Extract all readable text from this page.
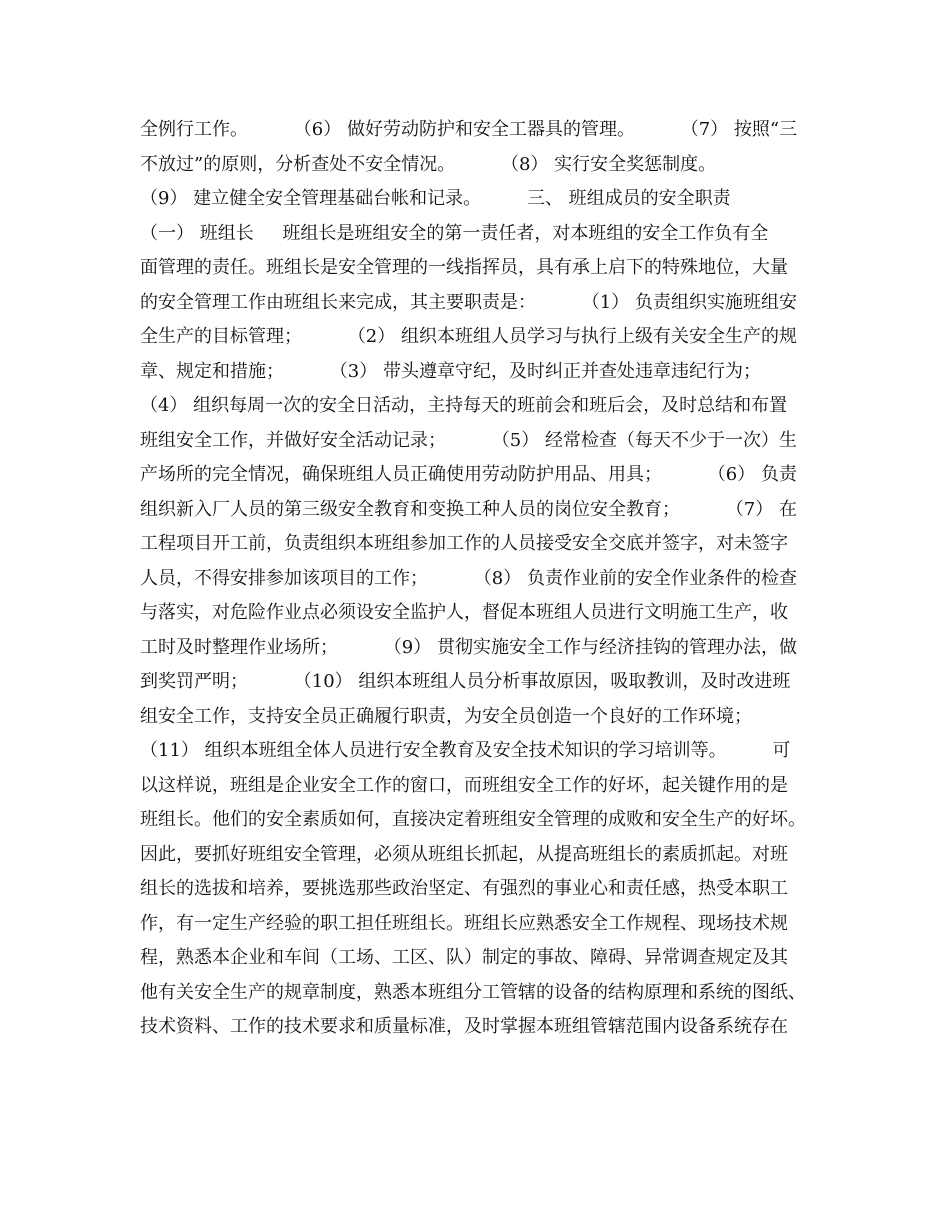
全例行工作。        （6） 做好劳动防护和安全工器具的管理。        （7） 按照“三
不放过”的原则，分析查处不安全情况。        （8） 实行安全奖惩制度。
（9） 建立健全安全管理基础台帐和记录。        三、 班组成员的安全职责
（一） 班组长     班组长是班组安全的第一责任者，对本班组的安全工作负有全
面管理的责任。班组长是安全管理的一线指挥员，具有承上启下的特殊地位，大量
的安全管理工作由班组长来完成，其主要职责是：        （1） 负责组织实施班组安
全生产的目标管理；        （2） 组织本班组人员学习与执行上级有关安全生产的规
章、规定和措施；        （3） 带头遵章守纪，及时纠正并查处违章违纪行为；
（4） 组织每周一次的安全日活动，主持每天的班前会和班后会，及时总结和布置
班组安全工作，并做好安全活动记录；        （5） 经常检查（每天不少于一次）生
产场所的完全情况，确保班组人员正确使用劳动防护用品、用具；        （6） 负责
组织新入厂人员的第三级安全教育和变换工种人员的岗位安全教育；        （7） 在
工程项目开工前，负责组织本班组参加工作的人员接受安全交底并签字，对未签字
人员，不得安排参加该项目的工作；        （8） 负责作业前的安全作业条件的检查
与落实，对危险作业点必须设安全监护人，督促本班组人员进行文明施工生产，收
工时及时整理作业场所；        （9） 贯彻实施安全工作与经济挂钩的管理办法，做
到奖罚严明；        （10） 组织本班组人员分析事故原因，吸取教训，及时改进班
组安全工作，支持安全员正确履行职责，为安全员创造一个良好的工作环境；
（11） 组织本班组全体人员进行安全教育及安全技术知识的学习培训等。        可
以这样说，班组是企业安全工作的窗口，而班组安全工作的好坏，起关键作用的是
班组长。他们的安全素质如何，直接决定着班组安全管理的成败和安全生产的好坏。
因此，要抓好班组安全管理，必须从班组长抓起，从提高班组长的素质抓起。对班
组长的选拔和培养，要挑选那些政治坚定、有强烈的事业心和责任感，热受本职工
作，有一定生产经验的职工担任班组长。班组长应熟悉安全工作规程、现场技术规
程，熟悉本企业和车间（工场、工区、队）制定的事故、障碍、异常调查规定及其
他有关安全生产的规章制度，熟悉本班组分工管辖的设备的结构原理和系统的图纸、
技术资料、工作的技术要求和质量标准，及时掌握本班组管辖范围内设备系统存在
